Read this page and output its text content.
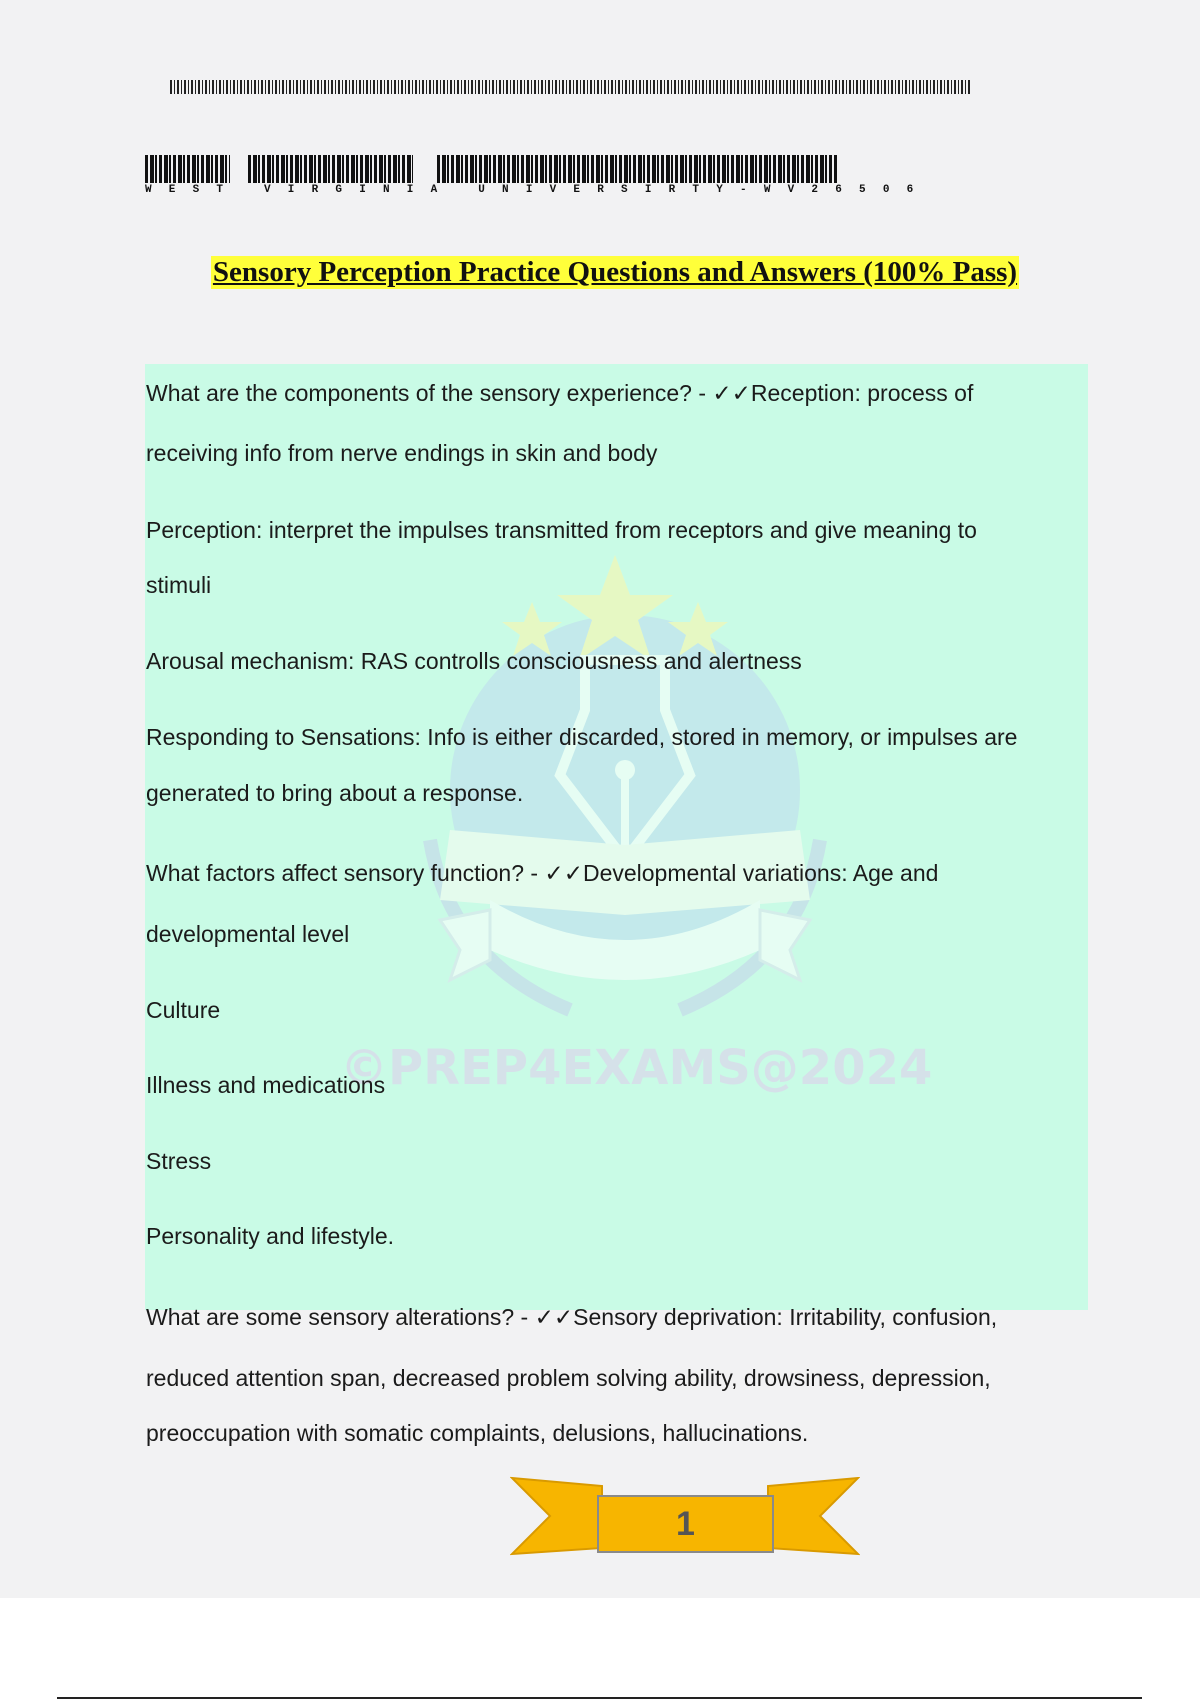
WEST VIRGINIA UNIVERSIRTY-WV26506
Sensory Perception Practice Questions and Answers (100% Pass)
©PREP4EXAMS@2024
What are the components of the sensory experience? - ✓✓Reception: process of
receiving info from nerve endings in skin and body
Perception: interpret the impulses transmitted from receptors and give meaning to
stimuli
Arousal mechanism: RAS controlls consciousness and alertness
Responding to Sensations: Info is either discarded, stored in memory, or impulses are
generated to bring about a response.
What factors affect sensory function? - ✓✓Developmental variations: Age and
developmental level
Culture
Illness and medications
Stress
Personality and lifestyle.
What are some sensory alterations? - ✓✓Sensory deprivation: Irritability, confusion,
reduced attention span, decreased problem solving ability, drowsiness, depression,
preoccupation with somatic complaints, delusions, hallucinations.
1
